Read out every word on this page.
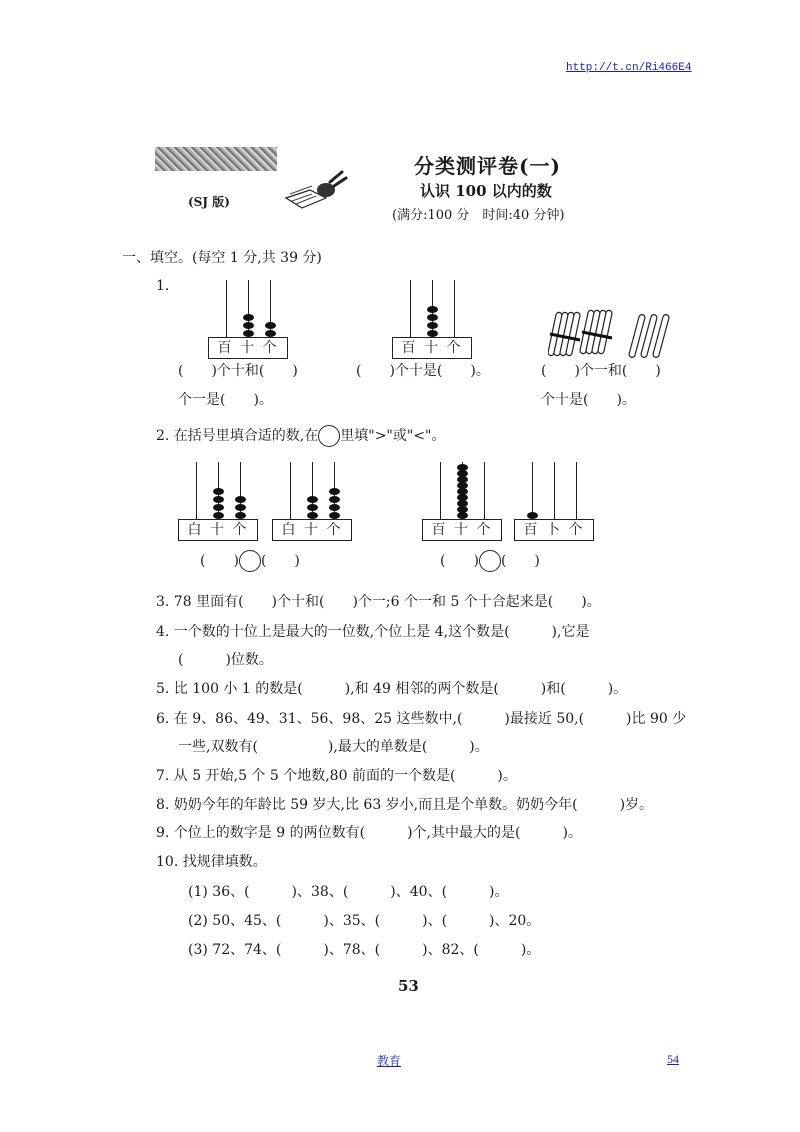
http://t.cn/Ri466E4
(SJ 版)
分类测评卷(一)
认识 100 以内的数
(满分:100 分　时间:40 分钟)
一、填空。(每空 1 分,共 39 分)
1.
百 十 个
(　　)个十和(　　)
个一是(　　)。
百 十 个
(　　)个十是(　　)。	(　　)个一和(　　)
个十是(　　)。
2. 在括号里填合适的数,在 里填">"或"<"。
白 十 个	白 十 个
(　　) (　　)
百 十 个	百 卜 个
(　　) (　　)
3. 78 里面有(　　)个十和(　　)个一;6 个一和 5 个十合起来是(　　)。
4. 一个数的十位上是最大的一位数,个位上是 4,这个数是(　　　),它是
(　　　)位数。
5. 比 100 小 1 的数是(　　　),和 49 相邻的两个数是(　　　)和(　　　)。
6. 在 9、86、49、31、56、98、25 这些数中,(　　　)最接近 50,(　　　)比 90 少
一些,双数有(　　　　　),最大的单数是(　　　)。
7. 从 5 开始,5 个 5 个地数,80 前面的一个数是(　　　)。
8. 奶奶今年的年龄比 59 岁大,比 63 岁小,而且是个单数。奶奶今年(　　　)岁。
9. 个位上的数字是 9 的两位数有(　　　)个,其中最大的是(　　　)。
10. 找规律填数。
(1) 36、(　　　)、38、(　　　)、40、(　　　)。
(2) 50、45、(　　　)、35、(　　　)、(　　　)、20。
(3) 72、74、(　　　)、78、(　　　)、82、(　　　)。
53
教育	54
